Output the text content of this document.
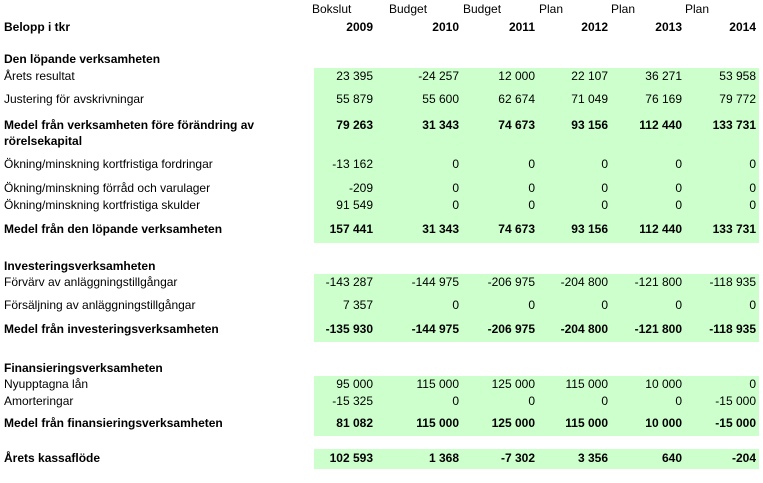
Bokslut	Budget	Budget	Plan	Plan	Plan
Belopp i tkr	2009	2010	2011	2012	2013	2014
Den löpande verksamheten
Investeringsverksamheten
Finansieringsverksamheten
Årets resultat	23 395	-24 257	12 000	22 107	36 271	53 958
Justering för avskrivningar	55 879	55 600	62 674	71 049	76 169	79 772
Medel från verksamheten före förändring av
rörelsekapital
79 263	31 343	74 673	93 156	112 440	133 731
Ökning/minskning kortfristiga fordringar	-13 162	0	0	0	0	0
Ökning/minskning förråd och varulager	-209	0	0	0	0	0
Ökning/minskning kortfristiga skulder	91 549	0	0	0	0	0
Medel från den löpande verksamheten	157 441	31 343	74 673	93 156	112 440	133 731
Förvärv av anläggningstillgångar	-143 287	-144 975	-206 975	-204 800	-121 800	-118 935
Försäljning av anläggningstillgångar	7 357	0	0	0	0	0
Medel från investeringsverksamheten	-135 930	-144 975	-206 975	-204 800	-121 800	-118 935
Nyupptagna lån	95 000	115 000	125 000	115 000	10 000	0
Amorteringar	-15 325	0	0	0	0	-15 000
Medel från finansieringsverksamheten	81 082	115 000	125 000	115 000	10 000	-15 000
Årets kassaflöde	102 593	1 368	-7 302	3 356	640	-204
